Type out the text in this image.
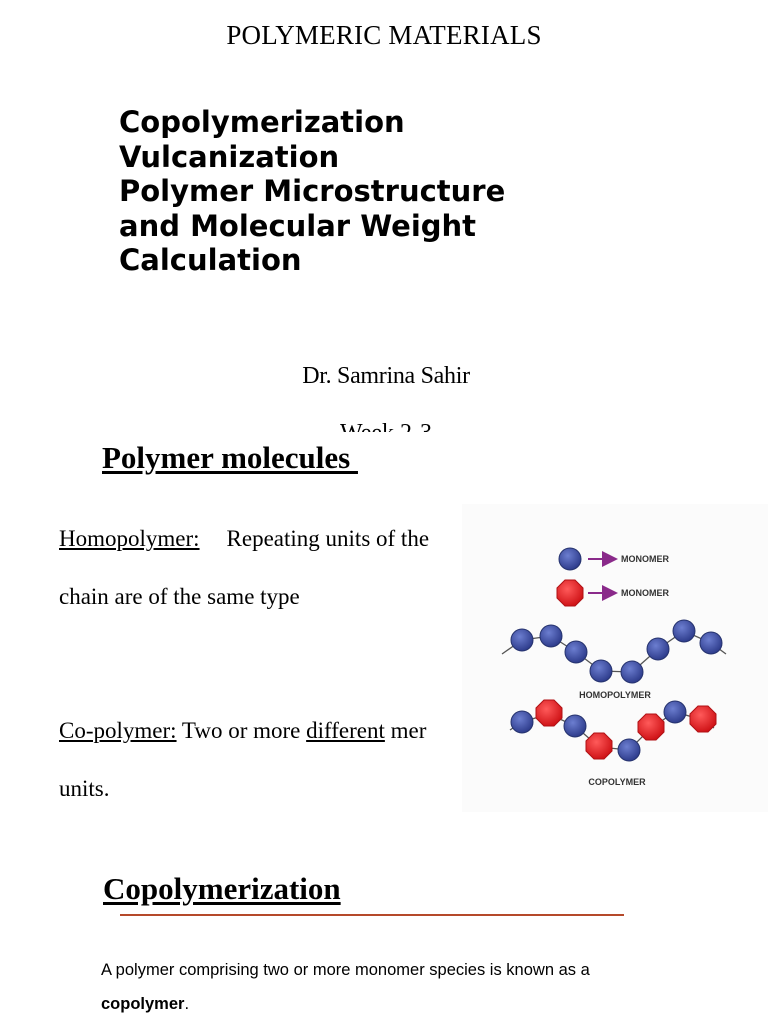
POLYMERIC MATERIALS
Copolymerization
Vulcanization
Polymer Microstructure
and Molecular Weight
Calculation
Dr. Samrina Sahir
Polymer molecules
Homopolymer: Repeating units of the
chain are of the same type
Co-polymer: Two or more different mer
units.
MONOMER
MONOMER
HOMOPOLYMER
COPOLYMER
Copolymerization
A polymer comprising two or more monomer species is known as a
copolymer.
